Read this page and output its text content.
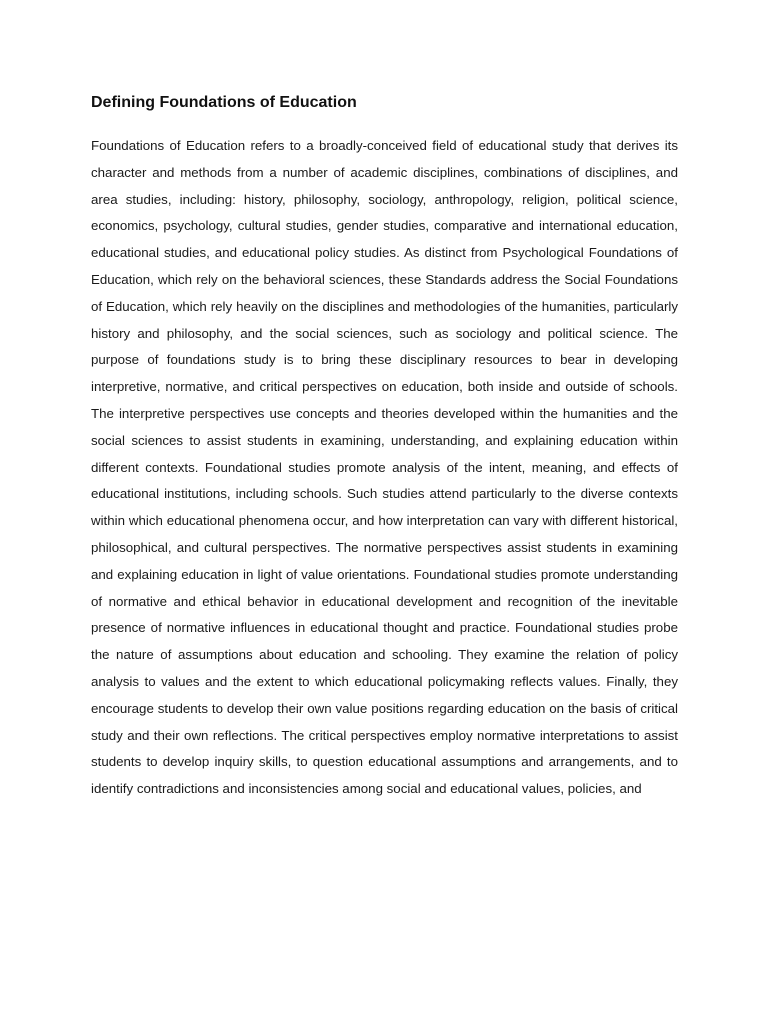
Defining Foundations of Education

Foundations of Education refers to a broadly-conceived field of educational study that derives its character and methods from a number of academic disciplines, combinations of disciplines, and area studies, including: history, philosophy, sociology, anthropology, religion, political science, economics, psychology, cultural studies, gender studies, comparative and international education, educational studies, and educational policy studies. As distinct from Psychological Foundations of Education, which rely on the behavioral sciences, these Standards address the Social Foundations of Education, which rely heavily on the disciplines and methodologies of the humanities, particularly history and philosophy, and the social sciences, such as sociology and political science. The purpose of foundations study is to bring these disciplinary resources to bear in developing interpretive, normative, and critical perspectives on education, both inside and outside of schools. The interpretive perspectives use concepts and theories developed within the humanities and the social sciences to assist students in examining, understanding, and explaining education within different contexts. Foundational studies promote analysis of the intent, meaning, and effects of educational institutions, including schools. Such studies attend particularly to the diverse contexts within which educational phenomena occur, and how interpretation can vary with different historical, philosophical, and cultural perspectives. The normative perspectives assist students in examining and explaining education in light of value orientations. Foundational studies promote understanding of normative and ethical behavior in educational development and recognition of the inevitable presence of normative influences in educational thought and practice. Foundational studies probe the nature of assumptions about education and schooling. They examine the relation of policy analysis to values and the extent to which educational policymaking reflects values. Finally, they encourage students to develop their own value positions regarding education on the basis of critical study and their own reflections. The critical perspectives employ normative interpretations to assist students to develop inquiry skills, to question educational assumptions and arrangements, and to identify contradictions and inconsistencies among social and educational values, policies, and
